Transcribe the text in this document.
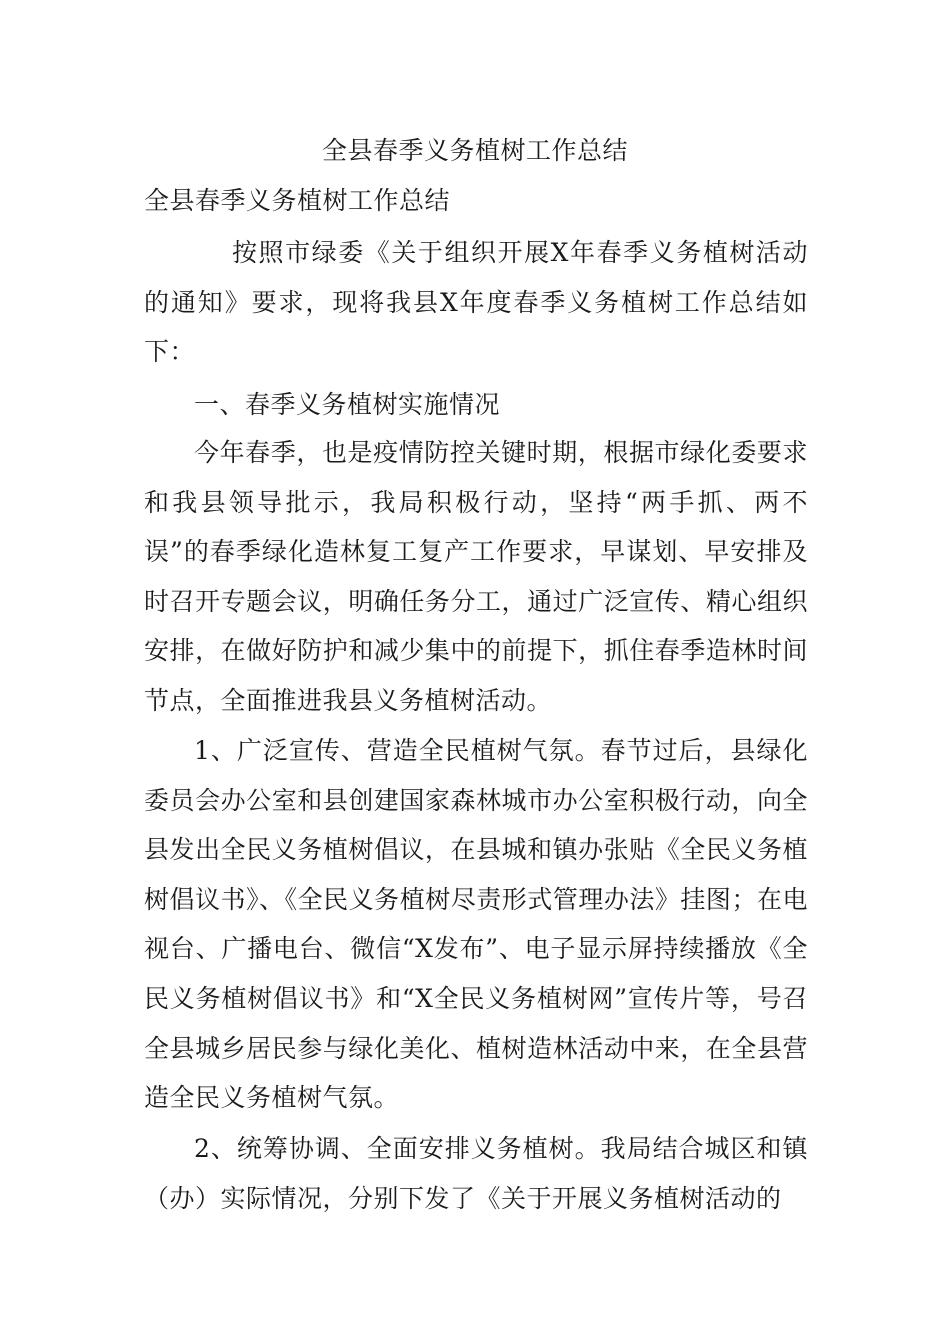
全县春季义务植树工作总结
全县春季义务植树工作总结
按照市绿委《关于组织开展X年春季义务植树活动的通知》要求，现将我县X年度春季义务植树工作总结如下：
一、春季义务植树实施情况
今年春季，也是疫情防控关键时期，根据市绿化委要求和我县领导批示，我局积极行动，坚持“两手抓、两不误”的春季绿化造林复工复产工作要求，早谋划、早安排及时召开专题会议，明确任务分工，通过广泛宣传、精心组织安排，在做好防护和减少集中的前提下，抓住春季造林时间节点，全面推进我县义务植树活动。
1、广泛宣传、营造全民植树气氛。春节过后，县绿化委员会办公室和县创建国家森林城市办公室积极行动，向全县发出全民义务植树倡议，在县城和镇办张贴《全民义务植树倡议书》、《全民义务植树尽责形式管理办法》挂图；在电视台、广播电台、微信“X发布”、电子显示屏持续播放《全民义务植树倡议书》和“X全民义务植树网”宣传片等，号召全县城乡居民参与绿化美化、植树造林活动中来，在全县营造全民义务植树气氛。
2、统筹协调、全面安排义务植树。我局结合城区和镇（办）实际情况，分别下发了《关于开展义务植树活动的
